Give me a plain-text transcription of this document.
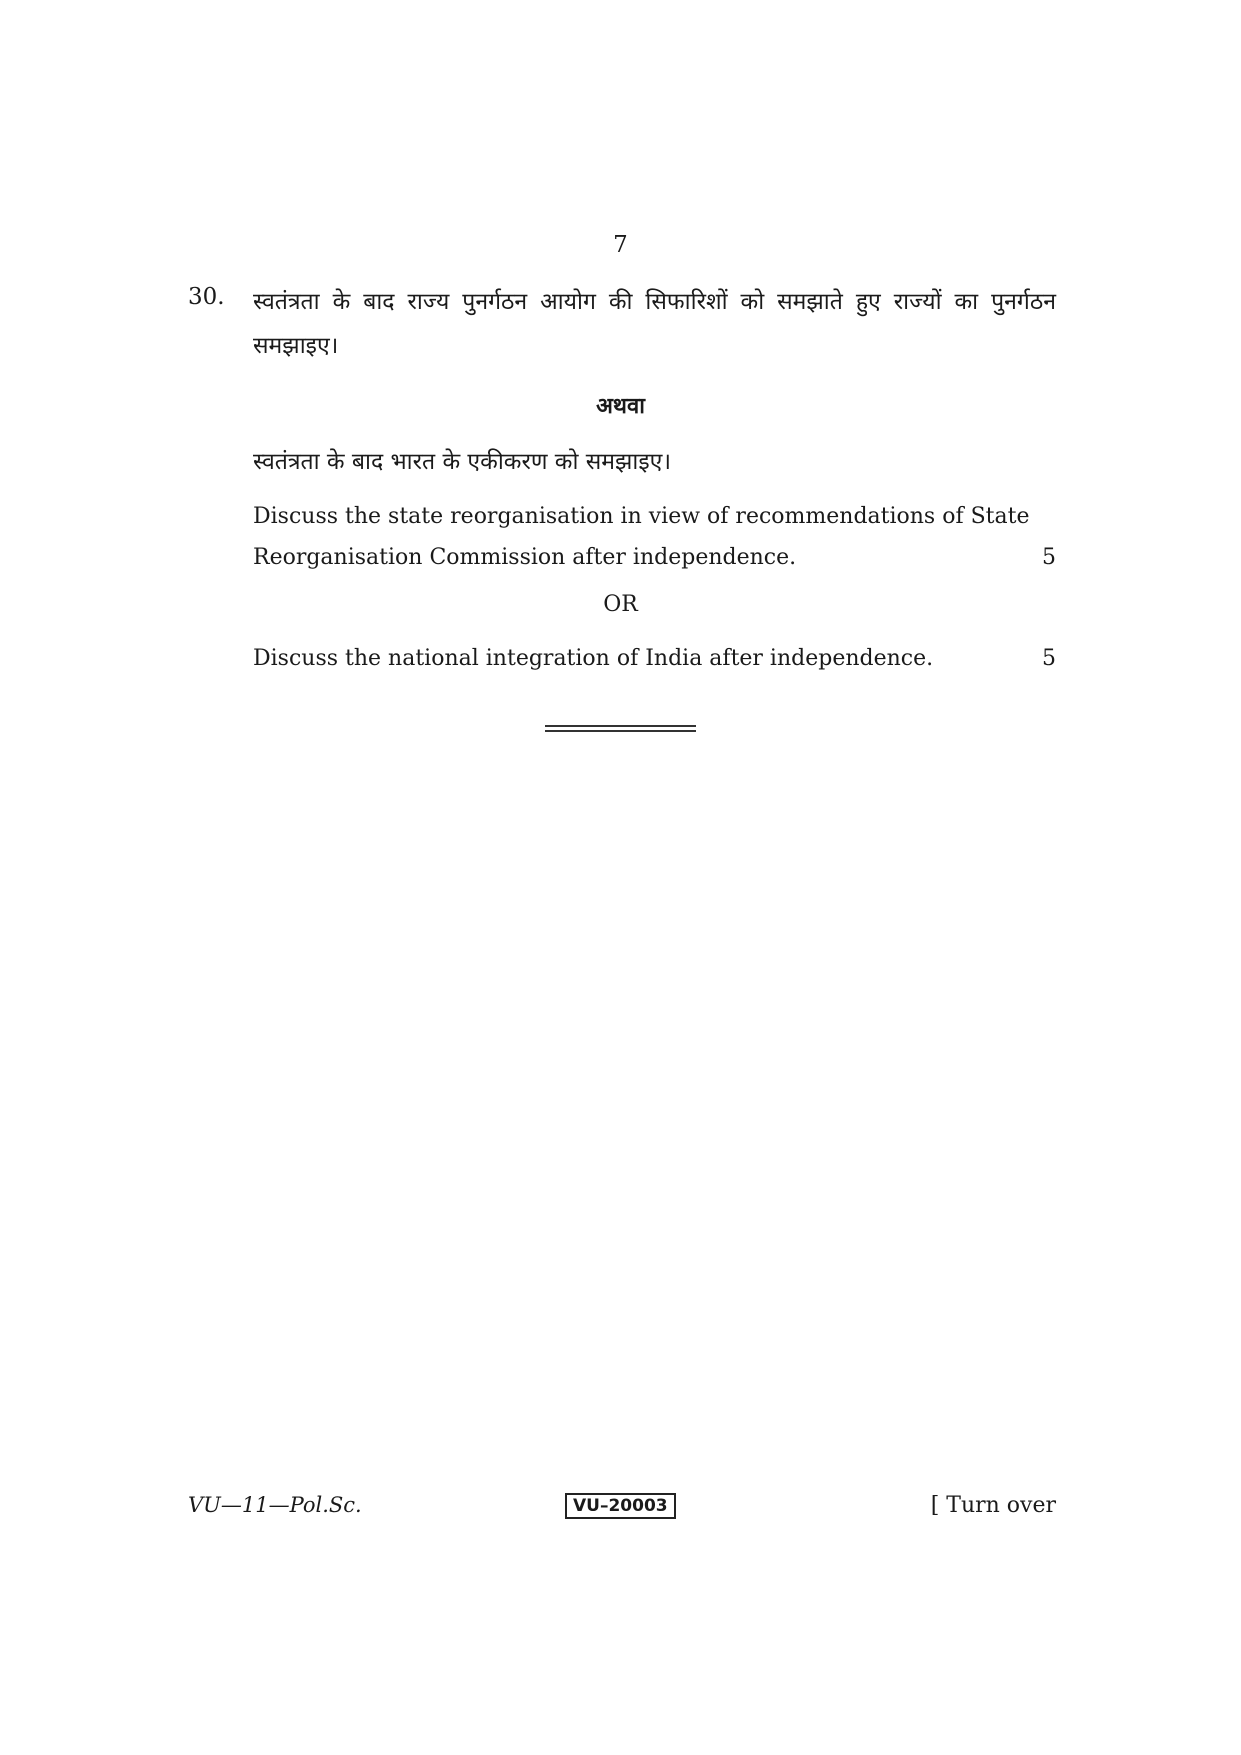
7
30. स्वतंत्रता के बाद राज्य पुनर्गठन आयोग की सिफारिशों को समझाते हुए राज्यों का पुनर्गठन समझाइए।
अथवा
स्वतंत्रता के बाद भारत के एकीकरण को समझाइए।
Discuss the state reorganisation in view of recommendations of State
Reorganisation Commission after independence.	5
OR
Discuss the national integration of India after independence.	5
VU—11—Pol.Sc.	VU–20003	[ Turn over
